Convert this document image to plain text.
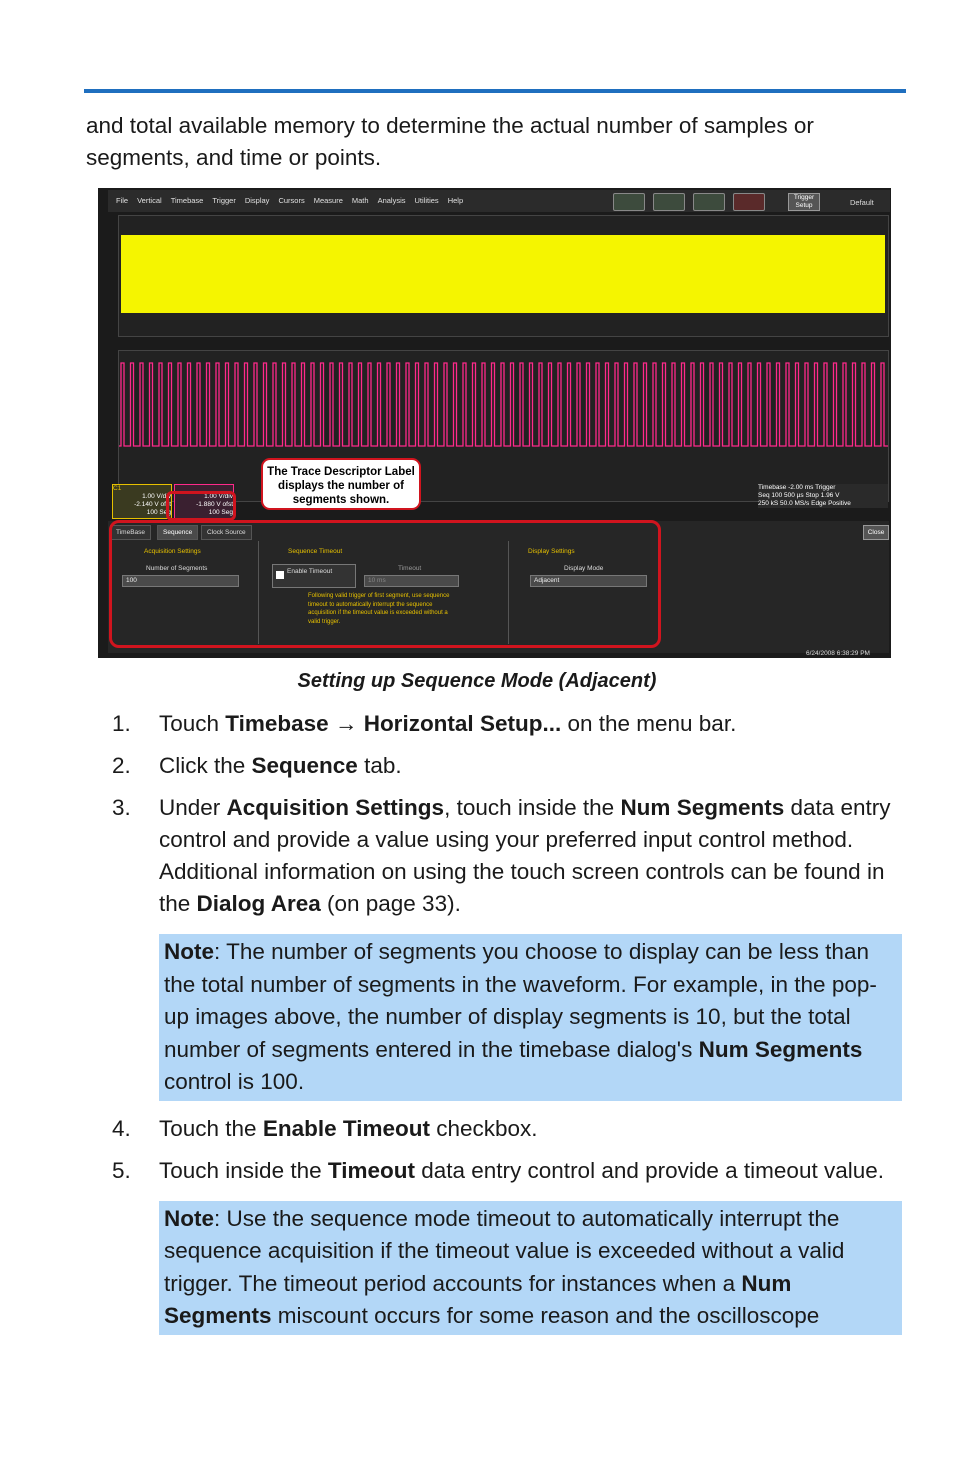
and total available memory to determine the actual number of samples or segments, and time or points.
File Vertical Timebase Trigger Display Cursors Measure Math Analysis Utilities Help	Trigger Setup	Default
C1
1.00 V/div
-2.140 V ofst
100 Seg
1.00 V/div
-1.880 V ofst
100 Seg
Timebase -2.00 ms Trigger
Seq 100 500 µs Stop 1.96 V
250 kS 50.0 MS/s Edge Positive
TimeBase	Sequence	Clock Source	Close
Acquisition Settings
Number of Segments
100
Sequence Timeout
Enable Timeout	Timeout
10 ms
Following valid trigger of first segment, use sequence timeout to automatically interrupt the sequence acquisition if the timeout value is exceeded without a valid trigger.
Display Settings
Display Mode
Adjacent
6/24/2008 6:38:29 PM
The Trace Descriptor Label displays the number of segments shown.
Setting up Sequence Mode (Adjacent)
1. Touch Timebase → Horizontal Setup... on the menu bar.
2. Click the Sequence tab.
3. Under Acquisition Settings, touch inside the Num Segments data entry control and provide a value using your preferred input control method. Additional information on using the touch screen controls can be found in the Dialog Area (on page 33).
Note: The number of segments you choose to display can be less than the total number of segments in the waveform. For example, in the pop-up images above, the number of display segments is 10, but the total number of segments entered in the timebase dialog's Num Segments control is 100.
4. Touch the Enable Timeout checkbox.
5. Touch inside the Timeout data entry control and provide a timeout value.
Note: Use the sequence mode timeout to automatically interrupt the sequence acquisition if the timeout value is exceeded without a valid trigger. The timeout period accounts for instances when a Num Segments miscount occurs for some reason and the oscilloscope
